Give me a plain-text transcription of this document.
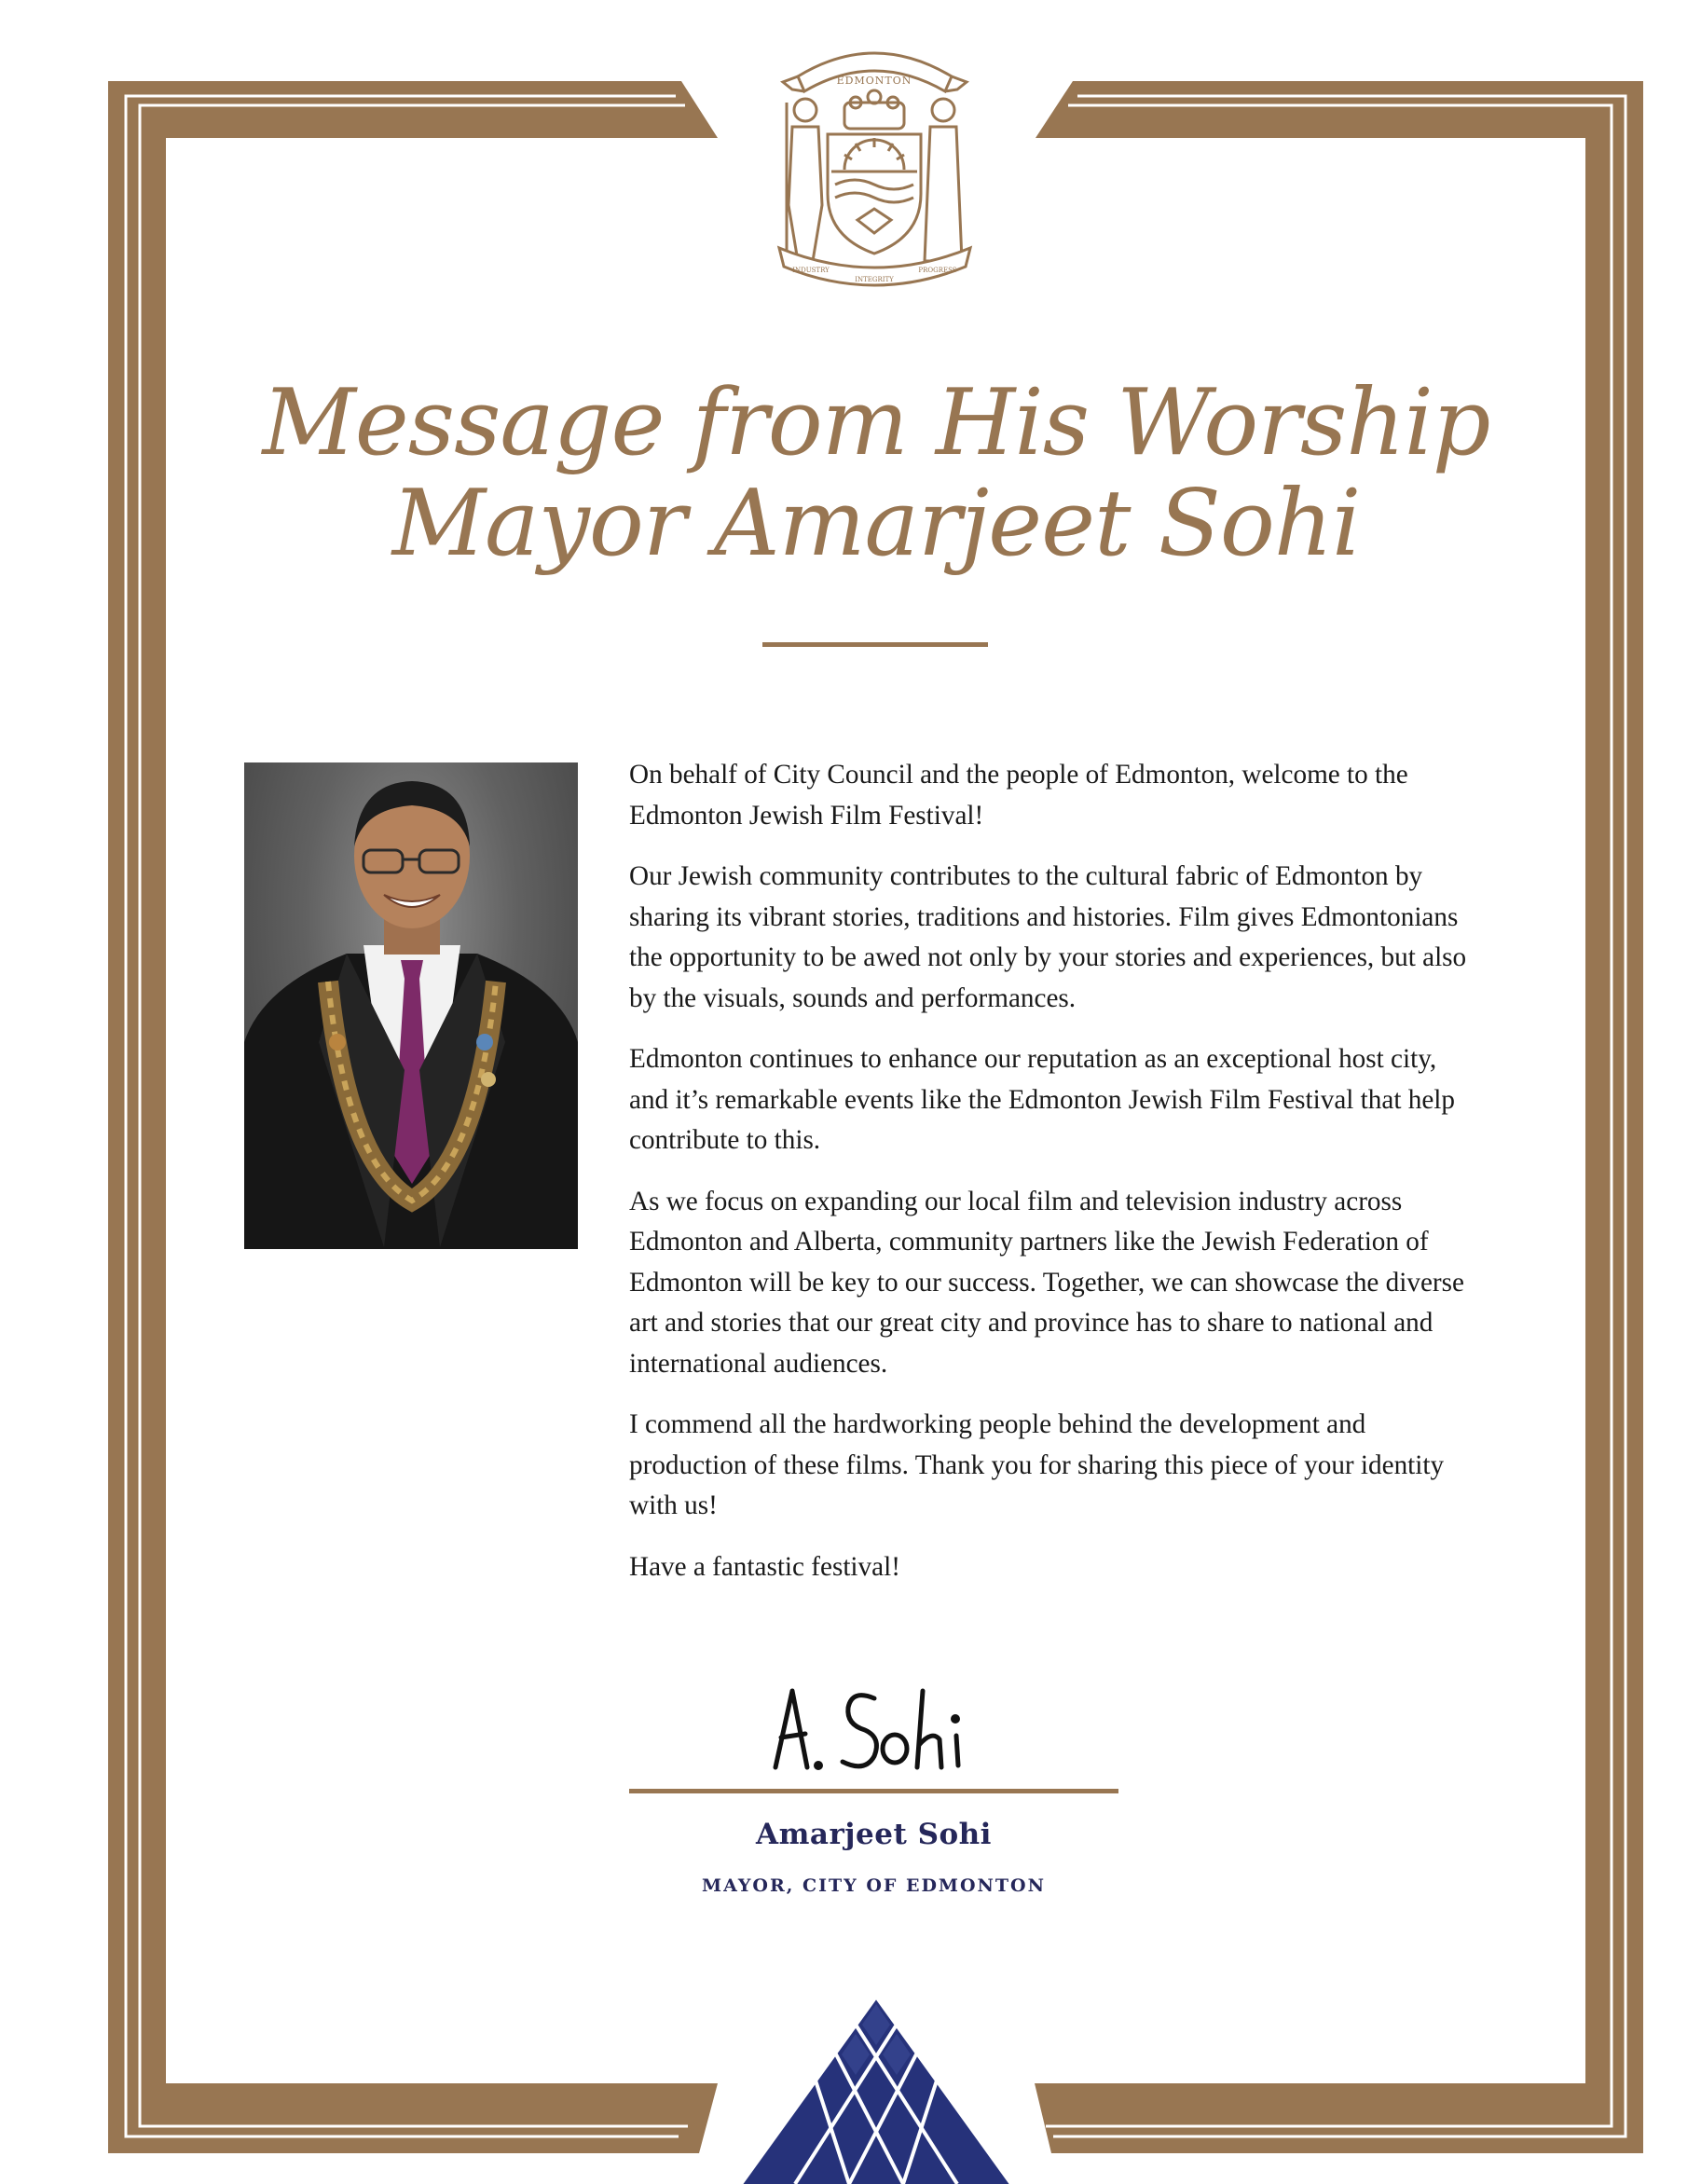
EDMONTON
INDUSTRY
INTEGRITY
PROGRESS
Message from His Worship
Mayor Amarjeet Sohi

On behalf of City Council and the people of Edmonton, welcome to the Edmonton Jewish Film Festival!

Our Jewish community contributes to the cultural fabric of Edmonton by sharing its vibrant stories, traditions and histories. Film gives Edmontonians the opportunity to be awed not only by your stories and experiences, but also by the visuals, sounds and performances.

Edmonton continues to enhance our reputation as an exceptional host city, and it’s remarkable events like the Edmonton Jewish Film Festival that help contribute to this.

As we focus on expanding our local film and television industry across Edmonton and Alberta, community partners like the Jewish Federation of Edmonton will be key to our success. Together, we can showcase the diverse art and stories that our great city and province has to share to national and international audiences.

I commend all the hardworking people behind the development and production of these films. Thank you for sharing this piece of your identity with us!

Have a fantastic festival!

Amarjeet Sohi
MAYOR, CITY OF EDMONTON
